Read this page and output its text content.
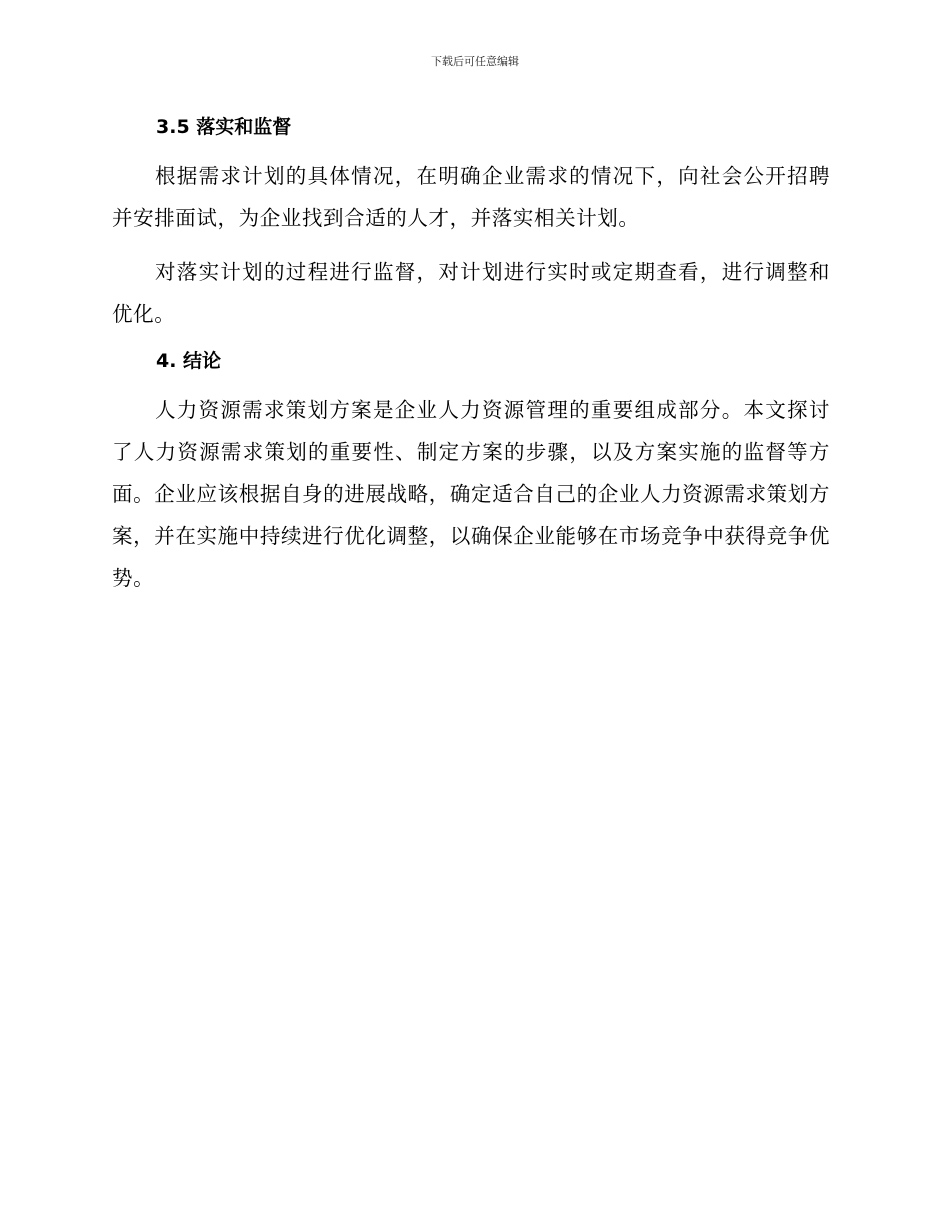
下载后可任意编辑
3.5 落实和监督

根据需求计划的具体情况，在明确企业需求的情况下，向社会公开招聘并安排面试，为企业找到合适的人才，并落实相关计划。

对落实计划的过程进行监督，对计划进行实时或定期查看，进行调整和优化。

4. 结论

人力资源需求策划方案是企业人力资源管理的重要组成部分。本文探讨了人力资源需求策划的重要性、制定方案的步骤，以及方案实施的监督等方面。企业应该根据自身的进展战略，确定适合自己的企业人力资源需求策划方案，并在实施中持续进行优化调整，以确保企业能够在市场竞争中获得竞争优势。
